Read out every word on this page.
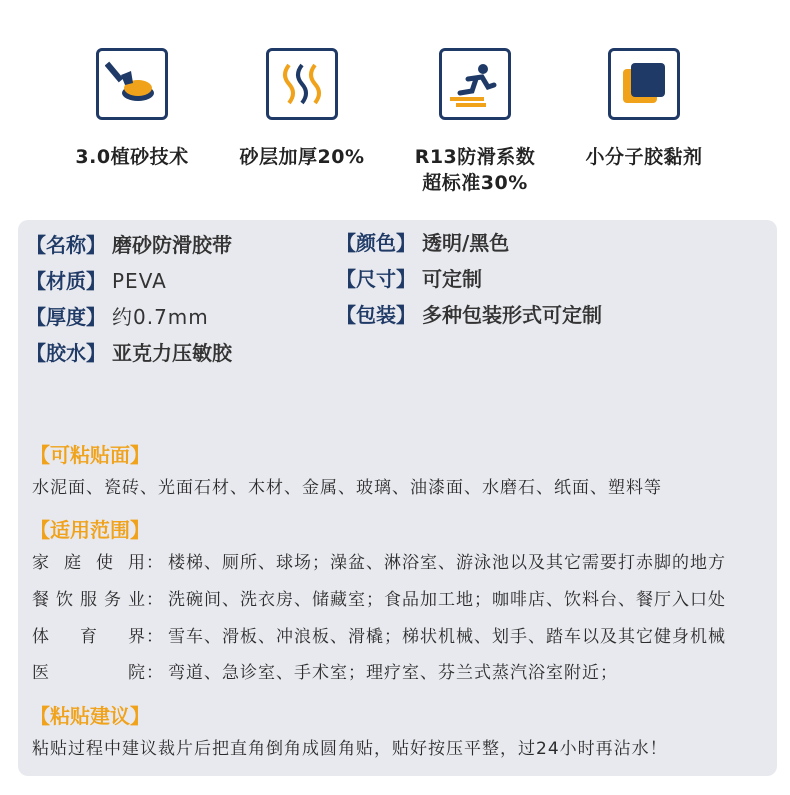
3.0植砂技术	砂层加厚20%	R13防滑系数
超标准30%
小分子胶黏剂
【名称】 磨砂防滑胶带
【材质】 PEVA
【厚度】 约0.7mm
【胶水】 亚克力压敏胶
【颜色】 透明/黑色
【尺寸】 可定制
【包装】 多种包装形式可定制
【可粘贴面】
水泥面、瓷砖、光面石材、木材、金属、玻璃、油漆面、水磨石、纸面、塑料等
【适用范围】
家庭使用： 楼梯、厕所、球场；澡盆、淋浴室、游泳池以及其它需要打赤脚的地方
餐饮服务业： 洗碗间、洗衣房、储藏室；食品加工地；咖啡店、饮料台、餐厅入口处
体育界： 雪车、滑板、冲浪板、滑橇；梯状机械、划手、踏车以及其它健身机械
医院： 弯道、急诊室、手术室；理疗室、芬兰式蒸汽浴室附近；
【粘贴建议】
粘贴过程中建议裁片后把直角倒角成圆角贴，贴好按压平整，过24小时再沾水！
